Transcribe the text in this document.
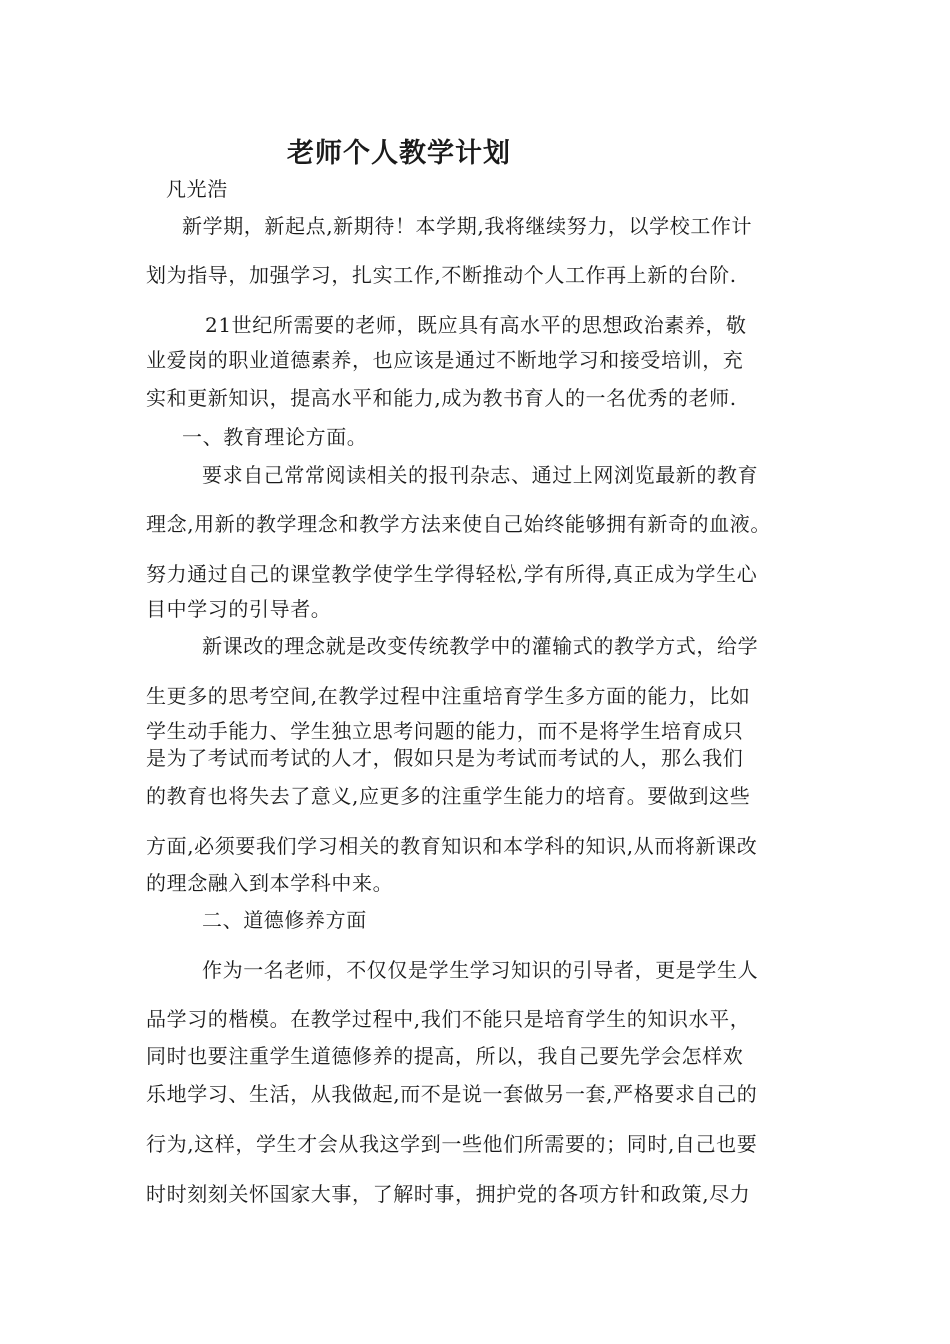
老师个人教学计划
凡光浩
新学期，新起点,新期待！本学期,我将继续努力，以学校工作计
划为指导，加强学习，扎实工作,不断推动个人工作再上新的台阶.
21世纪所需要的老师，既应具有高水平的思想政治素养，敬
业爱岗的职业道德素养，也应该是通过不断地学习和接受培训，充
实和更新知识，提高水平和能力,成为教书育人的一名优秀的老师.
一、教育理论方面。
要求自己常常阅读相关的报刊杂志、通过上网浏览最新的教育
理念,用新的教学理念和教学方法来使自己始终能够拥有新奇的血液。
努力通过自己的课堂教学使学生学得轻松,学有所得,真正成为学生心
目中学习的引导者。
新课改的理念就是改变传统教学中的灌输式的教学方式，给学
生更多的思考空间,在教学过程中注重培育学生多方面的能力，比如
学生动手能力、学生独立思考问题的能力，而不是将学生培育成只
是为了考试而考试的人才，假如只是为考试而考试的人，那么我们
的教育也将失去了意义,应更多的注重学生能力的培育。要做到这些
方面,必须要我们学习相关的教育知识和本学科的知识,从而将新课改
的理念融入到本学科中来。
二、道德修养方面
作为一名老师，不仅仅是学生学习知识的引导者，更是学生人
品学习的楷模。在教学过程中,我们不能只是培育学生的知识水平，
同时也要注重学生道德修养的提高，所以，我自己要先学会怎样欢
乐地学习、生活，从我做起,而不是说一套做另一套,严格要求自己的
行为,这样，学生才会从我这学到一些他们所需要的；同时,自己也要
时时刻刻关怀国家大事，了解时事，拥护党的各项方针和政策,尽力
